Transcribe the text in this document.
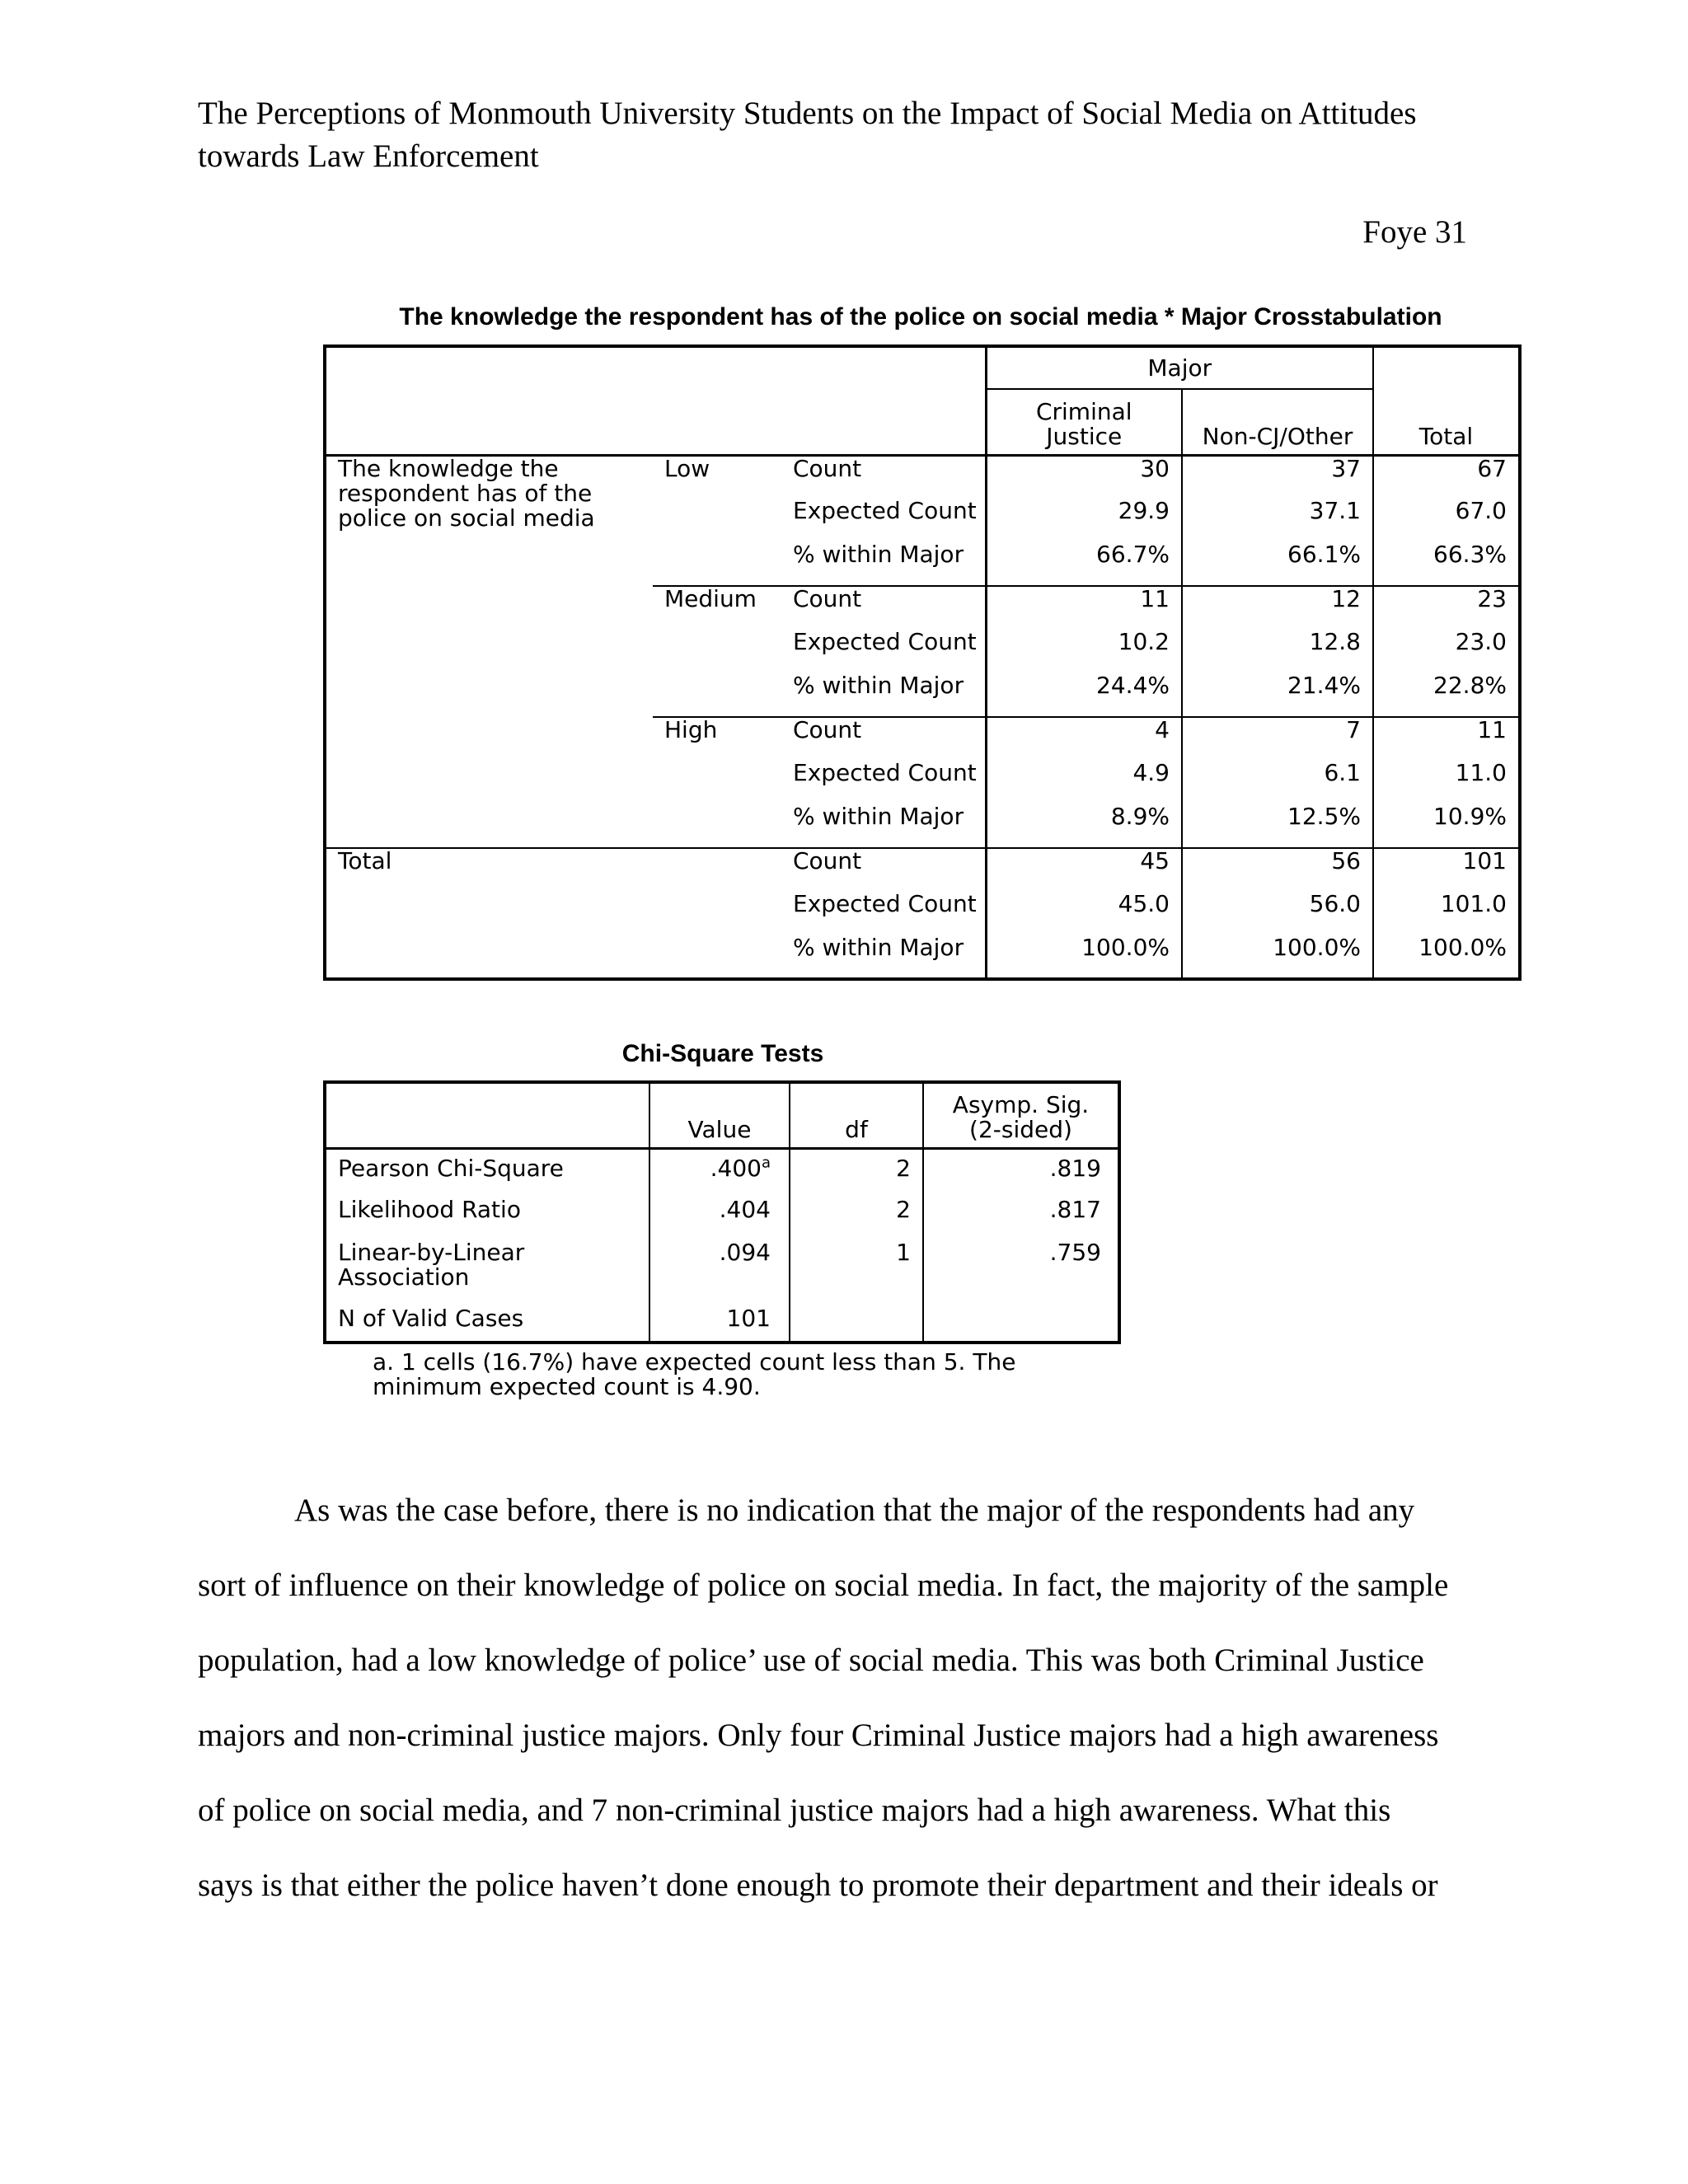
The Perceptions of Monmouth University Students on the Impact of Social Media on Attitudes
towards Law Enforcement
Foye 31
The knowledge the respondent has of the police on social media * Major Crosstabulation
			Major		Total
			Criminal Justice	Non-CJ/Other	
The knowledge the respondent has of the police on social media	Low	Count	30	37	67
		Expected Count	29.9	37.1	67.0
		% within Major	66.7%	66.1%	66.3%
	Medium	Count	11	12	23
		Expected Count	10.2	12.8	23.0
		% within Major	24.4%	21.4%	22.8%
	High	Count	4	7	11
		Expected Count	4.9	6.1	11.0
		% within Major	8.9%	12.5%	10.9%
Total		Count	45	56	101
		Expected Count	45.0	56.0	101.0
		% within Major	100.0%	100.0%	100.0%
Chi-Square Tests
	Value	df	Asymp. Sig. (2-sided)
Pearson Chi-Square	.400$^a$	2	.819
Likelihood Ratio	.404	2	.817
Linear-by-Linear Association	.094	1	.759
N of Valid Cases	101		
a. 1 cells (16.7%) have expected count less than 5. The minimum expected count is 4.90.
As was the case before, there is no indication that the major of the respondents had any
sort of influence on their knowledge of police on social media. In fact, the majority of the sample
population, had a low knowledge of police’ use of social media. This was both Criminal Justice
majors and non-criminal justice majors. Only four Criminal Justice majors had a high awareness
of police on social media, and 7 non-criminal justice majors had a high awareness. What this
says is that either the police haven’t done enough to promote their department and their ideals or
